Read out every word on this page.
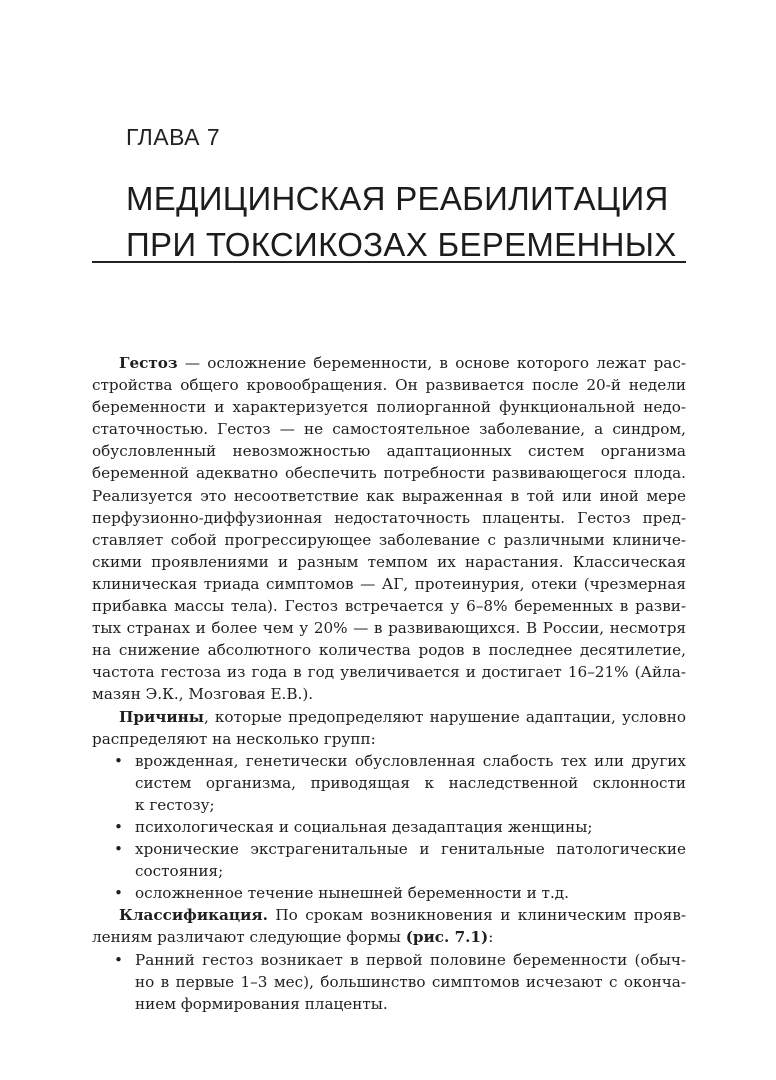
ГЛАВА 7
МЕДИЦИНСКАЯ РЕАБИЛИТАЦИЯ
ПРИ ТОКСИКОЗАХ БЕРЕМЕННЫХ
Гестоз — осложнение беременности, в основе которого лежат рас-
стройства общего кровообращения. Он развивается после 20-й недели
беременности и характеризуется полиорганной функциональной недо-
статочностью. Гестоз — не самостоятельное заболевание, а синдром,
обусловленный невозможностью адаптационных систем организма
беременной адекватно обеспечить потребности развивающегося плода.
Реализуется это несоответствие как выраженная в той или иной мере
перфузионно-диффузионная недостаточность плаценты. Гестоз пред-
ставляет собой прогрессирующее заболевание с различными клиниче-
скими проявлениями и разным темпом их нарастания. Классическая
клиническая триада симптомов — АГ, протеинурия, отеки (чрезмерная
прибавка массы тела). Гестоз встречается у 6–8% беременных в разви-
тых странах и более чем у 20% — в развивающихся. В России, несмотря
на снижение абсолютного количества родов в последнее десятилетие,
частота гестоза из года в год увеличивается и достигает 16–21% (Айла-
мазян Э.К., Мозговая Е.В.).
Причины, которые предопределяют нарушение адаптации, условно
распределяют на несколько групп:
• врожденная, генетически обусловленная слабость тех или других
систем организма, приводящая к наследственной склонности
к гестозу;
• психологическая и социальная дезадаптация женщины;
• хронические экстрагенитальные и генитальные патологические
состояния;
• осложненное течение нынешней беременности и т.д.
Классификация. По срокам возникновения и клиническим прояв-
лениям различают следующие формы (рис. 7.1):
• Ранний гестоз возникает в первой половине беременности (обыч-
но в первые 1–3 мес), большинство симптомов исчезают с оконча-
нием формирования плаценты.
